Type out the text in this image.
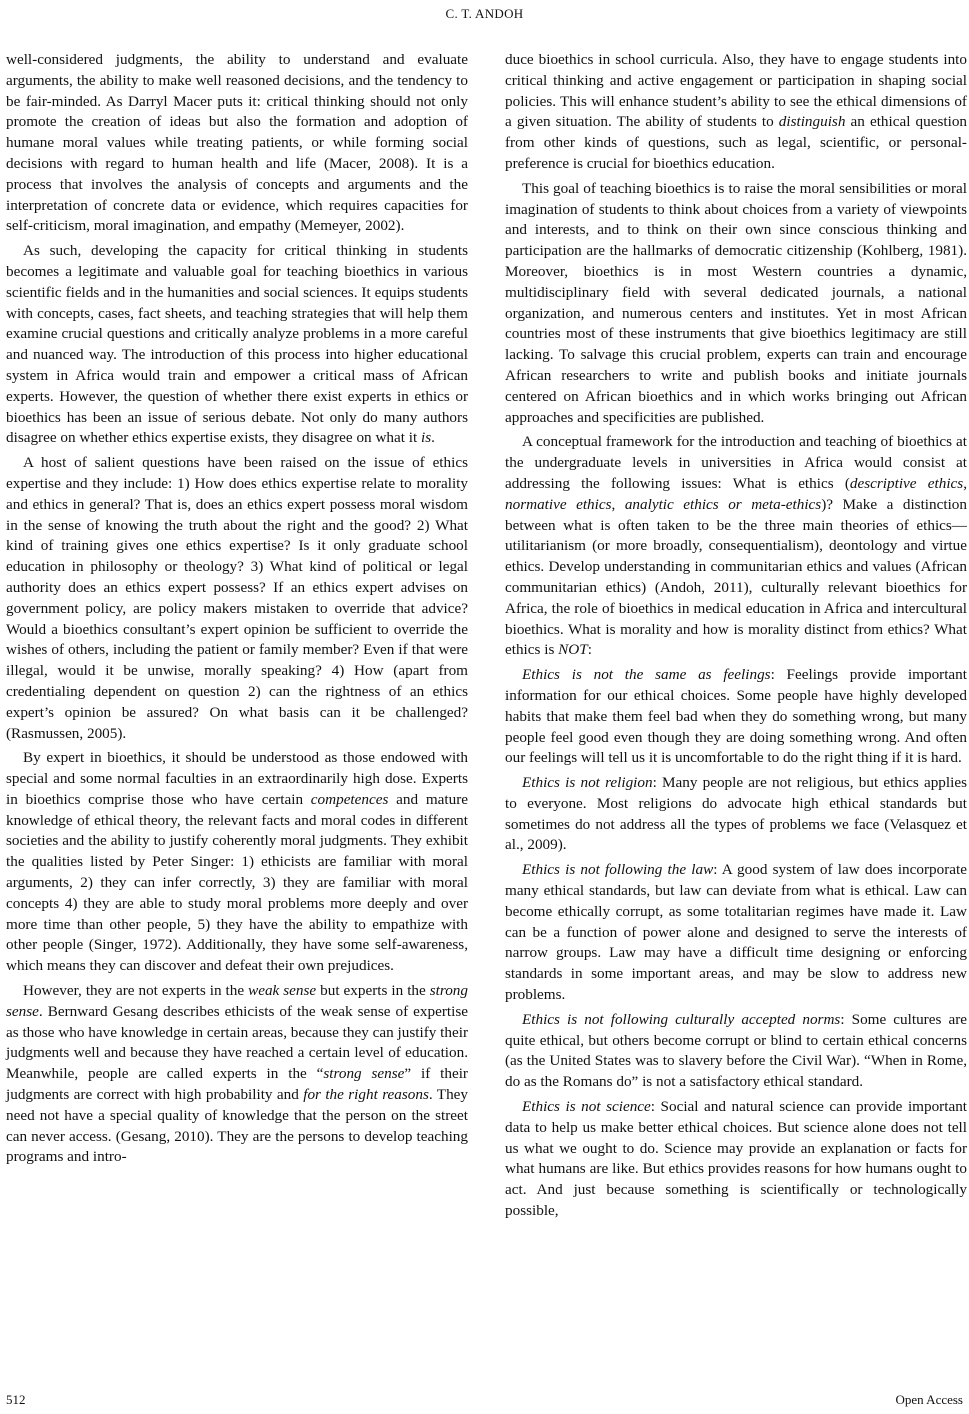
C. T. ANDOH

well-considered judgments, the ability to understand and evaluate arguments, the ability to make well reasoned decisions, and the tendency to be fair-minded. As Darryl Macer puts it: critical thinking should not only promote the creation of ideas but also the formation and adoption of humane moral values while treating patients, or while forming social decisions with regard to human health and life (Macer, 2008). It is a process that involves the analysis of concepts and arguments and the interpretation of concrete data or evidence, which requires capacities for self-criticism, moral imagination, and empathy (Memeyer, 2002).

As such, developing the capacity for critical thinking in students becomes a legitimate and valuable goal for teaching bioethics in various scientific fields and in the humanities and social sciences. It equips students with concepts, cases, fact sheets, and teaching strategies that will help them examine crucial questions and critically analyze problems in a more careful and nuanced way. The introduction of this process into higher educational system in Africa would train and empower a critical mass of African experts. However, the question of whether there exist experts in ethics or bioethics has been an issue of serious debate. Not only do many authors disagree on whether ethics expertise exists, they disagree on what it is.

A host of salient questions have been raised on the issue of ethics expertise and they include: 1) How does ethics expertise relate to morality and ethics in general? That is, does an ethics expert possess moral wisdom in the sense of knowing the truth about the right and the good? 2) What kind of training gives one ethics expertise? Is it only graduate school education in philosophy or theology? 3) What kind of political or legal authority does an ethics expert possess? If an ethics expert advises on government policy, are policy makers mistaken to override that advice? Would a bioethics consultant’s expert opinion be sufficient to override the wishes of others, including the patient or family member? Even if that were illegal, would it be unwise, morally speaking? 4) How (apart from credentialing dependent on question 2) can the rightness of an ethics expert’s opinion be assured? On what basis can it be challenged? (Rasmussen, 2005).

By expert in bioethics, it should be understood as those endowed with special and some normal faculties in an extraordinarily high dose. Experts in bioethics comprise those who have certain competences and mature knowledge of ethical theory, the relevant facts and moral codes in different societies and the ability to justify coherently moral judgments. They exhibit the qualities listed by Peter Singer: 1) ethicists are familiar with moral arguments, 2) they can infer correctly, 3) they are familiar with moral concepts 4) they are able to study moral problems more deeply and over more time than other people, 5) they have the ability to empathize with other people (Singer, 1972). Additionally, they have some self-awareness, which means they can discover and defeat their own prejudices.

However, they are not experts in the weak sense but experts in the strong sense. Bernward Gesang describes ethicists of the weak sense of expertise as those who have knowledge in certain areas, because they can justify their judgments well and because they have reached a certain level of education. Meanwhile, people are called experts in the “strong sense” if their judgments are correct with high probability and for the right reasons. They need not have a special quality of knowledge that the person on the street can never access. (Gesang, 2010). They are the persons to develop teaching programs and intro-

duce bioethics in school curricula. Also, they have to engage students into critical thinking and active engagement or participation in shaping social policies. This will enhance student’s ability to see the ethical dimensions of a given situation. The ability of students to distinguish an ethical question from other kinds of questions, such as legal, scientific, or personal-preference is crucial for bioethics education.

This goal of teaching bioethics is to raise the moral sensibilities or moral imagination of students to think about choices from a variety of viewpoints and interests, and to think on their own since conscious thinking and participation are the hallmarks of democratic citizenship (Kohlberg, 1981). Moreover, bioethics is in most Western countries a dynamic, multidisciplinary field with several dedicated journals, a national organization, and numerous centers and institutes. Yet in most African countries most of these instruments that give bioethics legitimacy are still lacking. To salvage this crucial problem, experts can train and encourage African researchers to write and publish books and initiate journals centered on African bioethics and in which works bringing out African approaches and specificities are published.

A conceptual framework for the introduction and teaching of bioethics at the undergraduate levels in universities in Africa would consist at addressing the following issues: What is ethics (descriptive ethics, normative ethics, analytic ethics or meta-ethics)? Make a distinction between what is often taken to be the three main theories of ethics—utilitarianism (or more broadly, consequentialism), deontology and virtue ethics. Develop understanding in communitarian ethics and values (African communitarian ethics) (Andoh, 2011), culturally relevant bioethics for Africa, the role of bioethics in medical education in Africa and intercultural bioethics. What is morality and how is morality distinct from ethics? What ethics is NOT:

Ethics is not the same as feelings: Feelings provide important information for our ethical choices. Some people have highly developed habits that make them feel bad when they do something wrong, but many people feel good even though they are doing something wrong. And often our feelings will tell us it is uncomfortable to do the right thing if it is hard.

Ethics is not religion: Many people are not religious, but ethics applies to everyone. Most religions do advocate high ethical standards but sometimes do not address all the types of problems we face (Velasquez et al., 2009).

Ethics is not following the law: A good system of law does incorporate many ethical standards, but law can deviate from what is ethical. Law can become ethically corrupt, as some totalitarian regimes have made it. Law can be a function of power alone and designed to serve the interests of narrow groups. Law may have a difficult time designing or enforcing standards in some important areas, and may be slow to address new problems.

Ethics is not following culturally accepted norms: Some cultures are quite ethical, but others become corrupt or blind to certain ethical concerns (as the United States was to slavery before the Civil War). “When in Rome, do as the Romans do” is not a satisfactory ethical standard.

Ethics is not science: Social and natural science can provide important data to help us make better ethical choices. But science alone does not tell us what we ought to do. Science may provide an explanation or facts for what humans are like. But ethics provides reasons for how humans ought to act. And just because something is scientifically or technologically possible,

512	Open Access
